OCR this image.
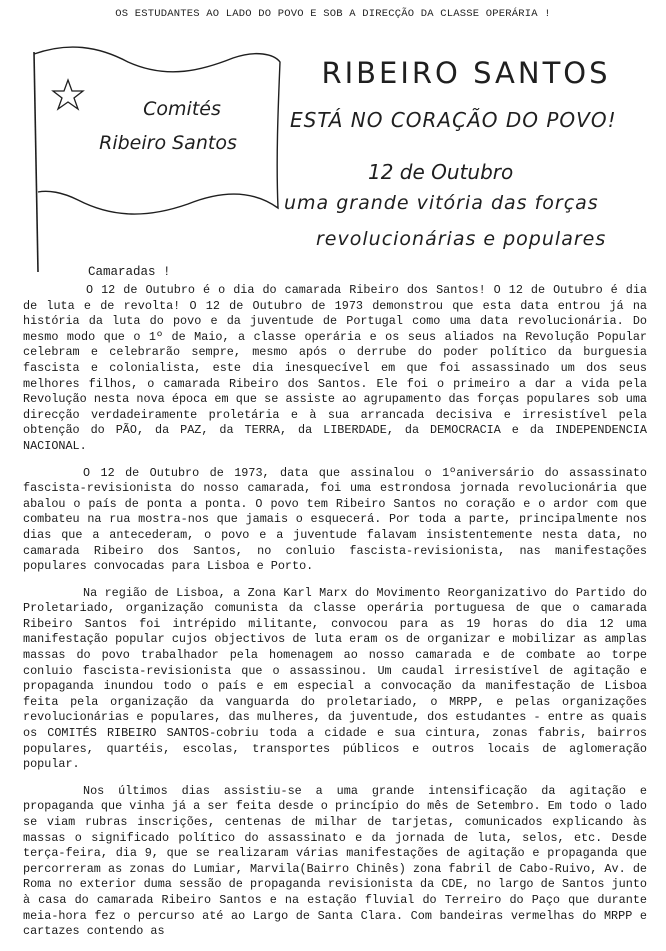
OS ESTUDANTES AO LADO DO POVO E SOB A DIRECÇÃO DA CLASSE OPERÁRIA !
Comités
Ribeiro Santos
RIBEIRO SANTOS
ESTÁ NO CORAÇÃO DO POVO!
12 de Outubro
uma grande vitória das forças
revolucionárias e populares

Camaradas !

O 12 de Outubro é o dia do camarada Ribeiro dos Santos! O 12 de Outubro é dia de luta e de revolta! O 12 de Outubro de 1973 demonstrou que esta data entrou já na história da luta do povo e da juventude de Portugal como uma data revolucionária. Do mesmo modo que o 1º de Maio, a classe operária e os seus aliados na Revolução Popular celebram e celebrarão sempre, mesmo após o derrube do poder político da burguesia fascista e colonialista, este dia inesquecível em que foi assassinado um dos seus melhores filhos, o camarada Ribeiro dos Santos. Ele foi o primeiro a dar a vida pela Revolução nesta nova época em que se assiste ao agrupamento das forças populares sob uma direcção verdadeiramente proletária e à sua arrancada decisiva e irresistível pela obtenção do PÃO, da PAZ, da TERRA, da LIBERDADE, da DEMOCRACIA e da INDEPENDENCIA NACIONAL.

O 12 de Outubro de 1973, data que assinalou o 1ºaniversário do assassinato fascista-revisionista do nosso camarada, foi uma estrondosa jornada revolucionária que abalou o país de ponta a ponta. O povo tem Ribeiro Santos no coração e o ardor com que combateu na rua mostra-nos que jamais o esquecerá. Por toda a parte, principalmente nos dias que a antecederam, o povo e a juventude falavam insistentemente nesta data, no camarada Ribeiro dos Santos, no conluio fascista-revisionista, nas manifestações populares convocadas para Lisboa e Porto.

Na região de Lisboa, a Zona Karl Marx do Movimento Reorganizativo do Partido do Proletariado, organização comunista da classe operária portuguesa de que o camarada Ribeiro Santos foi intrépido militante, convocou para as 19 horas do dia 12 uma manifestação popular cujos objectivos de luta eram os de organizar e mobilizar as amplas massas do povo trabalhador pela homenagem ao nosso camarada e de combate ao torpe conluio fascista-revisionista que o assassinou. Um caudal irresistível de agitação e propaganda inundou todo o país e em especial a convocação da manifestação de Lisboa feita pela organização da vanguarda do proletariado, o MRPP, e pelas organizações revolucionárias e populares, das mulheres, da juventude, dos estudantes - entre as quais os COMITÉS RIBEIRO SANTOS-cobriu toda a cidade e sua cintura, zonas fabris, bairros populares, quartéis, escolas, transportes públicos e outros locais de aglomeração popular.

Nos últimos dias assistiu-se a uma grande intensificação da agitação e propaganda que vinha já a ser feita desde o princípio do mês de Setembro. Em todo o lado se viam rubras inscrições, centenas de milhar de tarjetas, comunicados explicando às massas o significado político do assassinato e da jornada de luta, selos, etc. Desde terça-feira, dia 9, que se realizaram várias manifestações de agitação e propaganda que percorreram as zonas do Lumiar, Marvila(Bairro Chinês) zona fabril de Cabo-Ruivo, Av. de Roma no exterior duma sessão de propaganda revisionista da CDE, no largo de Santos junto à casa do camarada Ribeiro Santos e na estação fluvial do Terreiro do Paço que durante meia-hora fez o percurso até ao Largo de Santa Clara. Com bandeiras vermelhas do MRPP e cartazes contendo as
